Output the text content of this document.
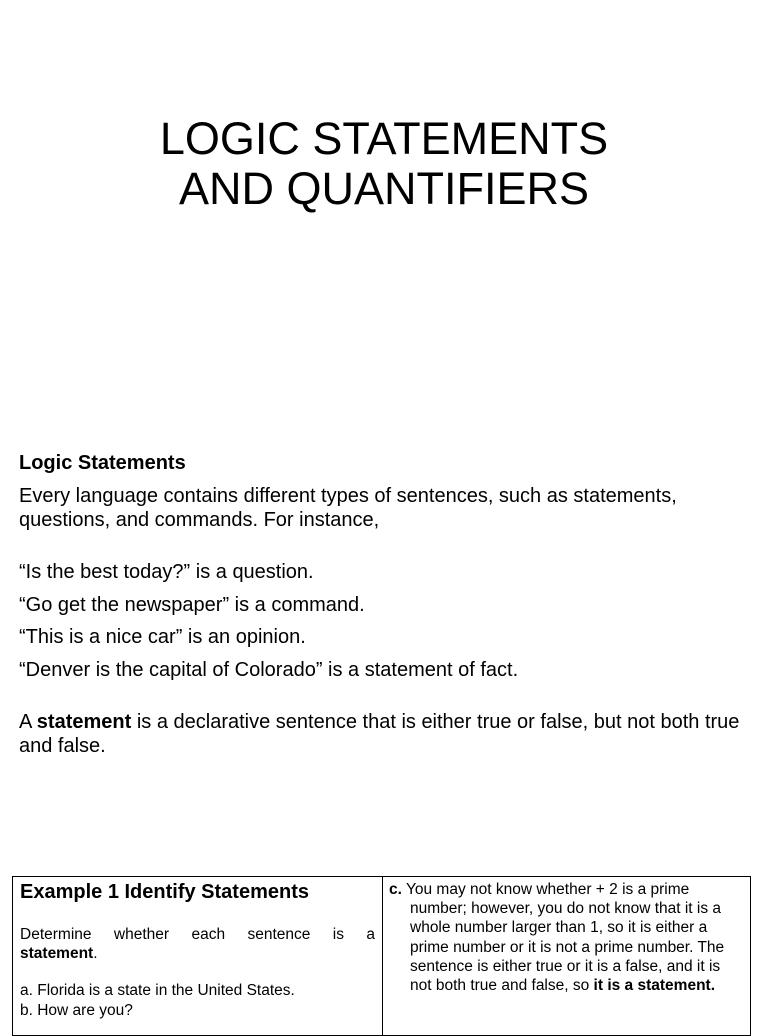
LOGIC STATEMENTS
AND QUANTIFIERS

Logic Statements

Every language contains different types of sentences, such as statements, questions, and commands. For instance,

“Is the best today?” is a question.
“Go get the newspaper” is a command.
“This is a nice car” is an opinion.
“Denver is the capital of Colorado” is a statement of fact.

A statement is a declarative sentence that is either true or false, but not both true and false.

Example 1 Identify Statements

Determine whether each sentence is a

statement.

a. Florida is a state in the United States.
b. How are you?

c. You may not know whether + 2 is a prime number; however, you do not know that it is a whole number larger than 1, so it is either a prime number or it is not a prime number. The sentence is either true or it is a false, and it is not both true and false, so it is a statement.
